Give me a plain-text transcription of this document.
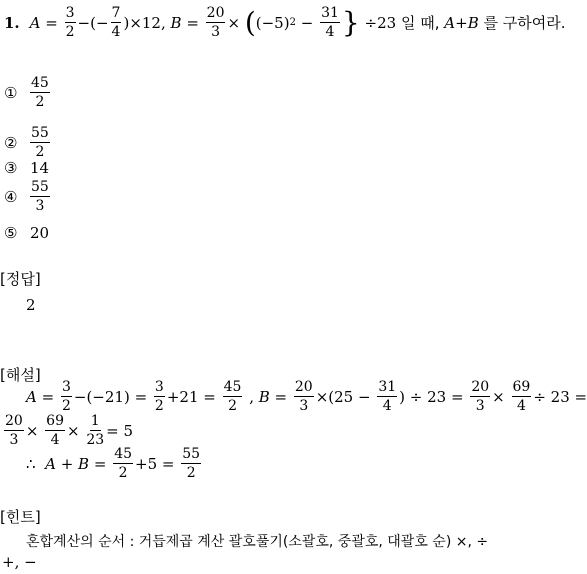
1. $A = \frac{3}{2}$ −(− $\frac{7}{4} )\times 12$, $B = \frac{20}{3}$ × ( (−5) $2 - \frac{31}{4}$ } ÷23 일
때,
A + B
를 구하여라.
① $\frac{45}{2}$
② $\frac{55}{2}$
③ 14
④ $\frac{55}{3}$
⑤ 20
[정답]
2
[해설]
$A = \frac{3}{2} -(-21) = \frac{3}{2} +21 = \frac{45}{2}$ , $B = \frac{20}{3} \times(25 - \frac{31}{4}$ ) ÷ $23 = \frac{20}{3} \times \frac{69}{4} \div 23$ =
$\frac{20}{3} \times \frac{69}{4} \times \frac{1}{23} = 5$
∴ $A + B = \frac{45}{2} +5 = \frac{55}{2}$
[힌트]
혼합계산의 순서 : 거듭제곱 계산 괄호풀기(소괄호, 중괄호, 대괄호 순) ×, ÷
+, −
